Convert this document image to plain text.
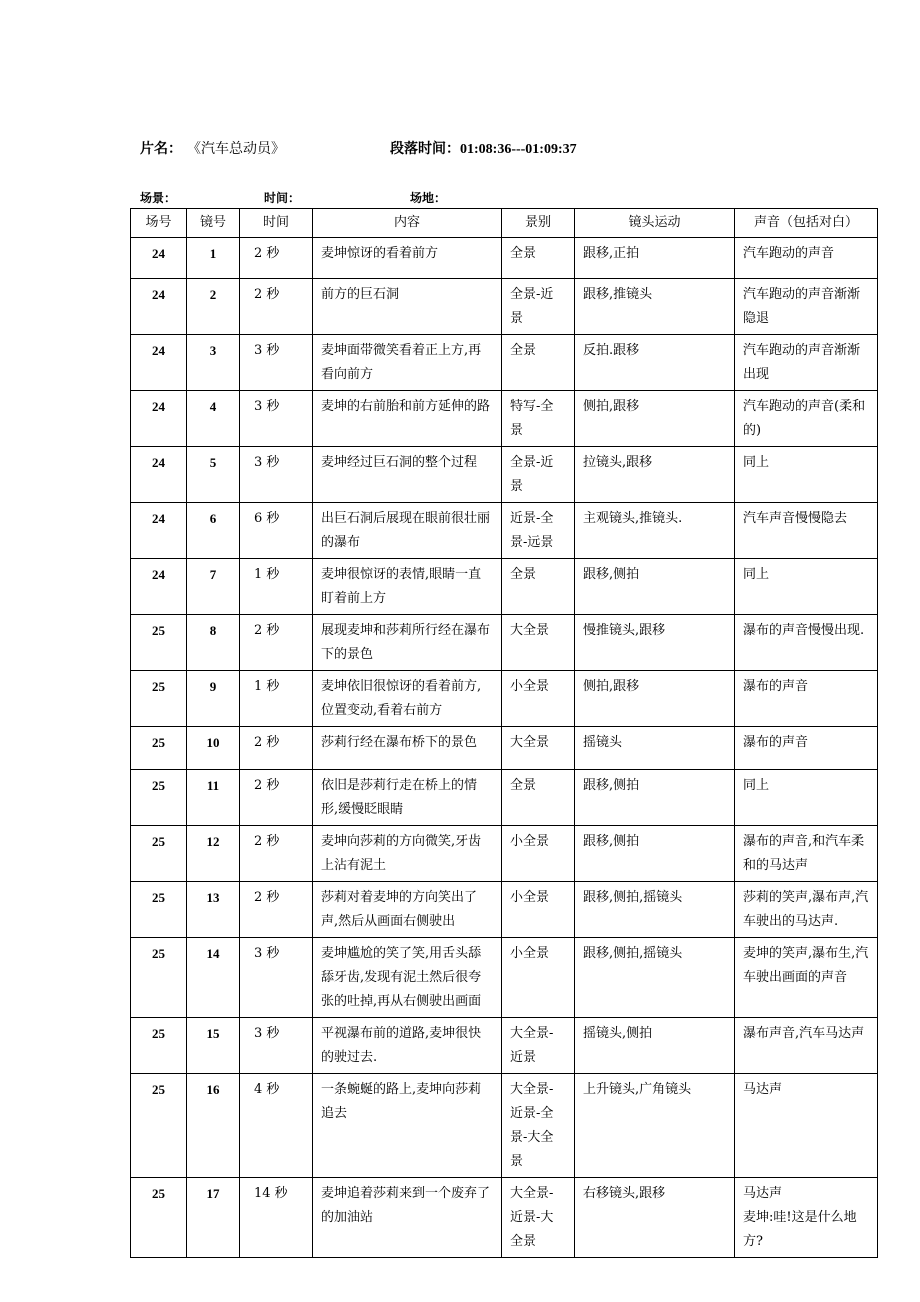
片名： 《汽车总动员》	段落时间：01:08:36---01:09:37
场景：	时间：	场地：
场号	镜号	时间	内容	景别	镜头运动	声音（包括对白）
24	1	2 秒	麦坤惊讶的看着前方	全景	跟移,正拍	汽车跑动的声音

24	2	2 秒	前方的巨石洞	全景-近景	跟移,推镜头	汽车跑动的声音渐渐隐退

24	3	3 秒	麦坤面带微笑看着正上方,再看向前方	全景	反拍.跟移	汽车跑动的声音渐渐出现

24	4	3 秒	麦坤的右前胎和前方延伸的路	特写-全景	侧拍,跟移	汽车跑动的声音(柔和的)

24	5	3 秒	麦坤经过巨石洞的整个过程	全景-近景	拉镜头,跟移	同上

24	6	6 秒	出巨石洞后展现在眼前很壮丽的瀑布	近景-全景-远景	主观镜头,推镜头.	汽车声音慢慢隐去

24	7	1 秒	麦坤很惊讶的表情,眼睛一直盯着前上方	全景	跟移,侧拍	同上

25	8	2 秒	展现麦坤和莎莉所行经在瀑布下的景色	大全景	慢推镜头,跟移	瀑布的声音慢慢出现.

25	9	1 秒	麦坤依旧很惊讶的看着前方,位置变动,看着右前方	小全景	侧拍,跟移	瀑布的声音

25	10	2 秒	莎莉行经在瀑布桥下的景色	大全景	摇镜头	瀑布的声音

25	11	2 秒	依旧是莎莉行走在桥上的情形,缓慢眨眼睛	全景	跟移,侧拍	同上

25	12	2 秒	麦坤向莎莉的方向微笑,牙齿上沾有泥土	小全景	跟移,侧拍	瀑布的声音,和汽车柔和的马达声

25	13	2 秒	莎莉对着麦坤的方向笑出了声,然后从画面右侧驶出	小全景	跟移,侧拍,摇镜头	莎莉的笑声,瀑布声,汽车驶出的马达声.

25	14	3 秒	麦坤尴尬的笑了笑,用舌头舔舔牙齿,发现有泥土然后很夸张的吐掉,再从右侧驶出画面	小全景	跟移,侧拍,摇镜头	麦坤的笑声,瀑布生,汽车驶出画面的声音

25	15	3 秒	平视瀑布前的道路,麦坤很快的驶过去.	大全景-近景	摇镜头,侧拍	瀑布声音,汽车马达声

25	16	4 秒	一条蜿蜒的路上,麦坤向莎莉追去	大全景-近景-全景-大全景	上升镜头,广角镜头	马达声

25	17	14 秒	麦坤追着莎莉来到一个废弃了的加油站	大全景-近景-大全景	右移镜头,跟移	马达声
麦坤:哇!这是什么地方?
